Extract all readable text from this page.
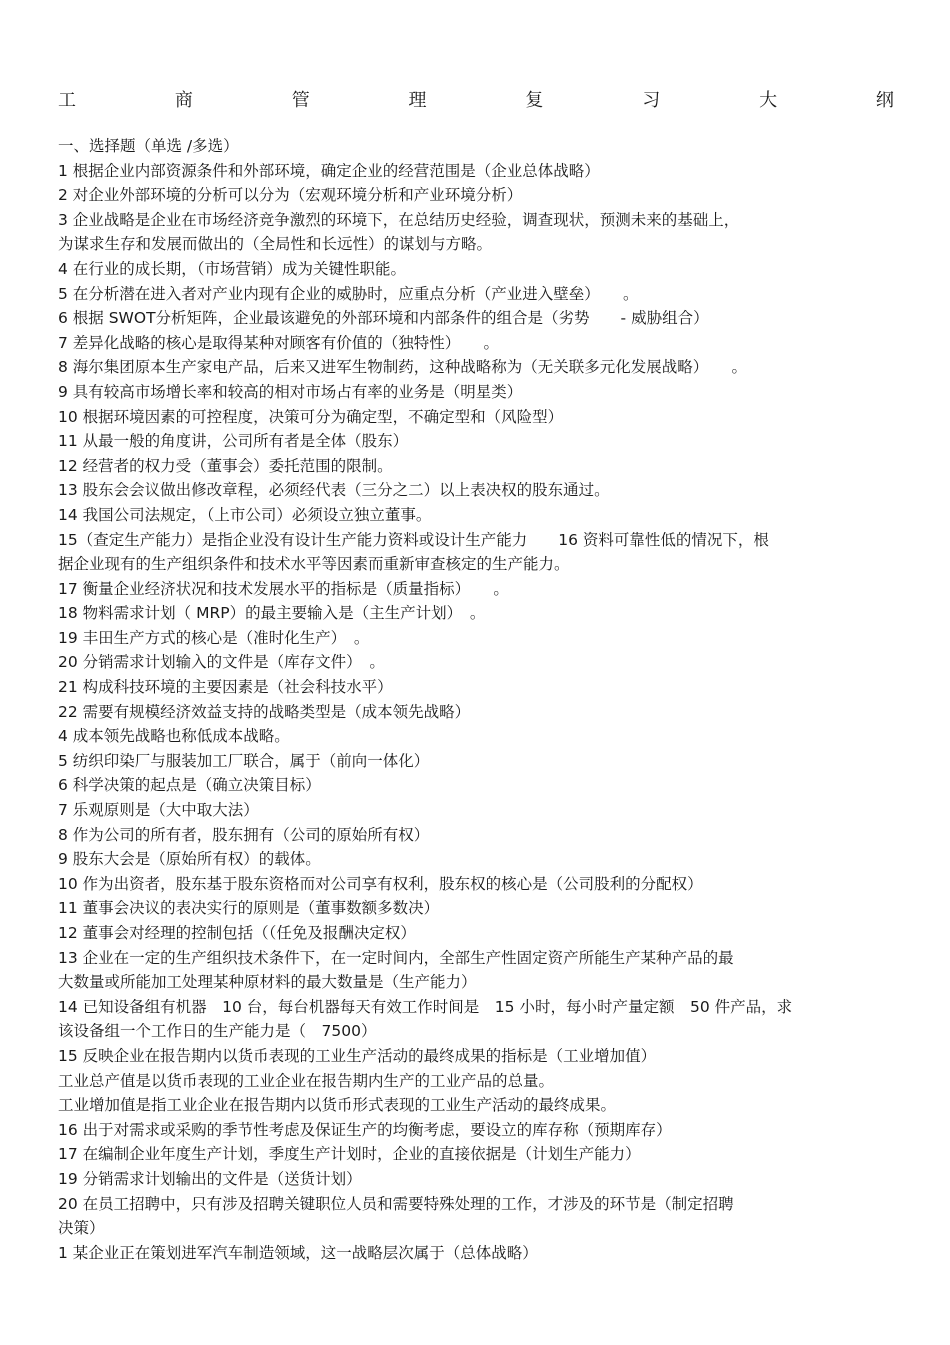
工	商	管	理	复	习	大	纲
一、选择题（单选 /多选）
1 根据企业内部资源条件和外部环境，确定企业的经营范围是（企业总体战略）
2 对企业外部环境的分析可以分为（宏观环境分析和产业环境分析）
3 企业战略是企业在市场经济竞争激烈的环境下，在总结历史经验，调查现状，预测未来的基础上，
为谋求生存和发展而做出的（全局性和长远性）的谋划与方略。
4 在行业的成长期，（市场营销）成为关键性职能。
5 在分析潜在进入者对产业内现有企业的威胁时，应重点分析（产业进入壁垒）　　。
6 根据 SWOT分析矩阵，企业最该避免的外部环境和内部条件的组合是（劣势　　- 威胁组合）
7 差异化战略的核心是取得某种对顾客有价值的（独特性）　　。
8 海尔集团原本生产家电产品，后来又进军生物制药，这种战略称为（无关联多元化发展战略）　　。
9 具有较高市场增长率和较高的相对市场占有率的业务是（明星类）
10 根据环境因素的可控程度，决策可分为确定型，不确定型和（风险型）
11 从最一般的角度讲，公司所有者是全体（股东）
12 经营者的权力受（董事会）委托范围的限制。
13 股东会会议做出修改章程，必须经代表（三分之二）以上表决权的股东通过。
14 我国公司法规定，（上市公司）必须设立独立董事。
15（查定生产能力）是指企业没有设计生产能力资料或设计生产能力　　16 资料可靠性低的情况下，根
据企业现有的生产组织条件和技术水平等因素而重新审查核定的生产能力。
17 衡量企业经济状况和技术发展水平的指标是（质量指标）　　。
18 物料需求计划（ MRP）的最主要输入是（主生产计划）　。
19 丰田生产方式的核心是（准时化生产）　。
20 分销需求计划输入的文件是（库存文件）　。
21 构成科技环境的主要因素是（社会科技水平）
22 需要有规模经济效益支持的战略类型是（成本领先战略）
4 成本领先战略也称低成本战略。
5 纺织印染厂与服装加工厂联合，属于（前向一体化）
6 科学决策的起点是（确立决策目标）
7 乐观原则是（大中取大法）
8 作为公司的所有者，股东拥有（公司的原始所有权）
9 股东大会是（原始所有权）的载体。
10 作为出资者，股东基于股东资格而对公司享有权利，股东权的核心是（公司股利的分配权）
11 董事会决议的表决实行的原则是（董事数额多数决）
12 董事会对经理的控制包括（（任免及报酬决定权）
13 企业在一定的生产组织技术条件下，在一定时间内，全部生产性固定资产所能生产某种产品的最
大数量或所能加工处理某种原材料的最大数量是（生产能力）
14 已知设备组有机器　10 台，每台机器每天有效工作时间是　15 小时，每小时产量定额　50 件产品，求
该设备组一个工作日的生产能力是（　7500）
15 反映企业在报告期内以货币表现的工业生产活动的最终成果的指标是（工业增加值）
工业总产值是以货币表现的工业企业在报告期内生产的工业产品的总量。
工业增加值是指工业企业在报告期内以货币形式表现的工业生产活动的最终成果。
16 出于对需求或采购的季节性考虑及保证生产的均衡考虑，要设立的库存称（预期库存）
17 在编制企业年度生产计划，季度生产计划时，企业的直接依据是（计划生产能力）
19 分销需求计划输出的文件是（送货计划）
20 在员工招聘中，只有涉及招聘关键职位人员和需要特殊处理的工作，才涉及的环节是（制定招聘
决策）
1 某企业正在策划进军汽车制造领域，这一战略层次属于（总体战略）
